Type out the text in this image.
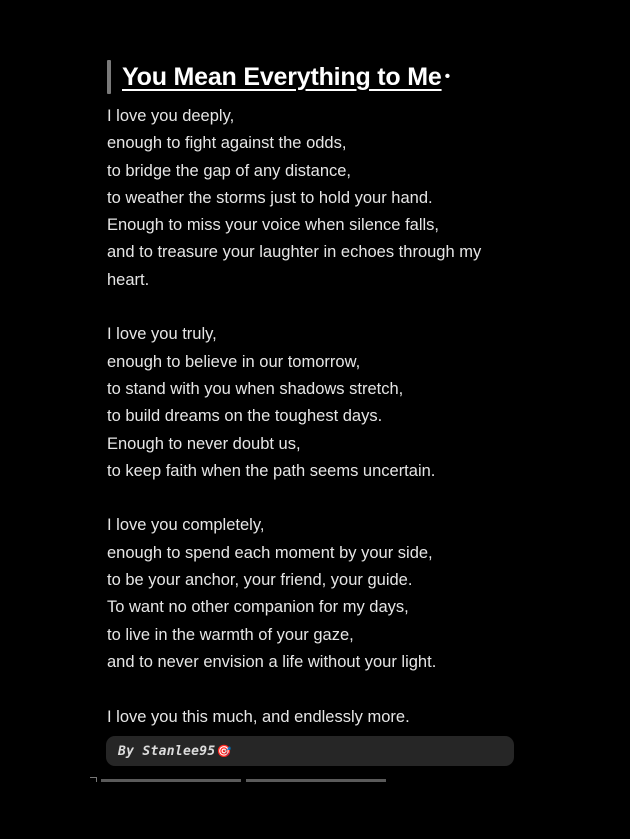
You Mean Everything to Me •
I love you deeply,
enough to fight against the odds,
to bridge the gap of any distance,
to weather the storms just to hold your hand.
Enough to miss your voice when silence falls,
and to treasure your laughter in echoes through my
heart.
I love you truly,
enough to believe in our tomorrow,
to stand with you when shadows stretch,
to build dreams on the toughest days.
Enough to never doubt us,
to keep faith when the path seems uncertain.
I love you completely,
enough to spend each moment by your side,
to be your anchor, your friend, your guide.
To want no other companion for my days,
to live in the warmth of your gaze,
and to never envision a life without your light.
I love you this much, and endlessly more.
By Stanlee95🎯
